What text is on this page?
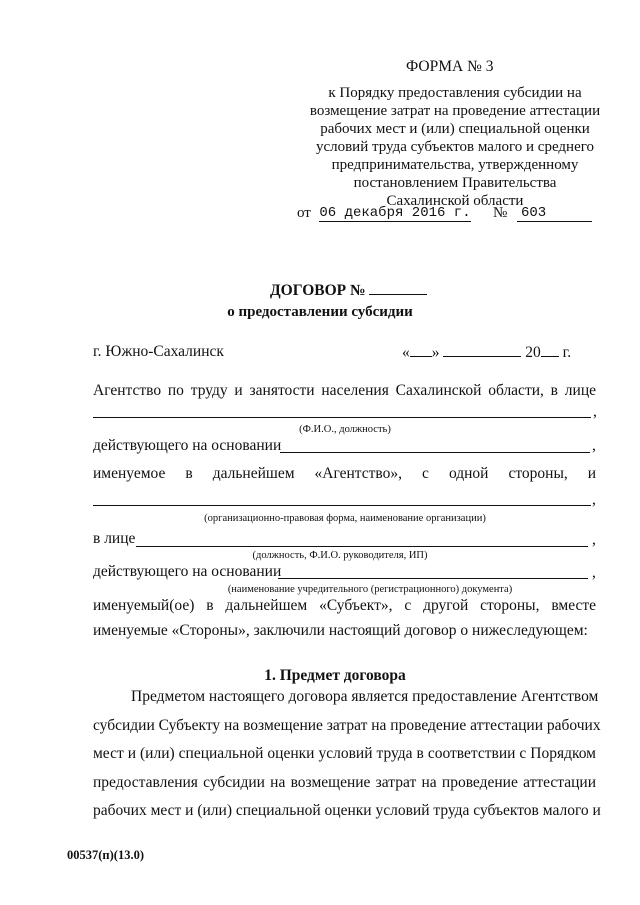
ФОРМА № 3
к Порядку предоставления субсидии на
возмещение затрат на проведение аттестации
рабочих мест и (или) специальной оценки
условий труда субъектов малого и среднего
предпринимательства, утвержденному
постановлением Правительства
Сахалинской области
от 06 декабря 2016 г. № 603
ДОГОВОР №
о предоставлении субсидии
г. Южно-Сахалинск	« »	20 г.
Агентство по труду и занятости населения Сахалинской области, в лице
,
(Ф.И.О., должность)
действующего на основании	,
именуемое в дальнейшем «Агентство», с одной стороны, и
,
(организационно-правовая форма, наименование организации)
в лице	,
(должность, Ф.И.О. руководителя, ИП)
действующего на основании	,
(наименование учредительного (регистрационного) документа)
именуемый(ое) в дальнейшем «Субъект», с другой стороны, вместе
именуемые «Стороны», заключили настоящий договор о нижеследующем:
1. Предмет договора
Предметом настоящего договора является предоставление Агентством
субсидии Субъекту на возмещение затрат на проведение аттестации рабочих
мест и (или) специальной оценки условий труда в соответствии с Порядком
предоставления субсидии на возмещение затрат на проведение аттестации
рабочих мест и (или) специальной оценки условий труда субъектов малого и
00537(п)(13.0)
